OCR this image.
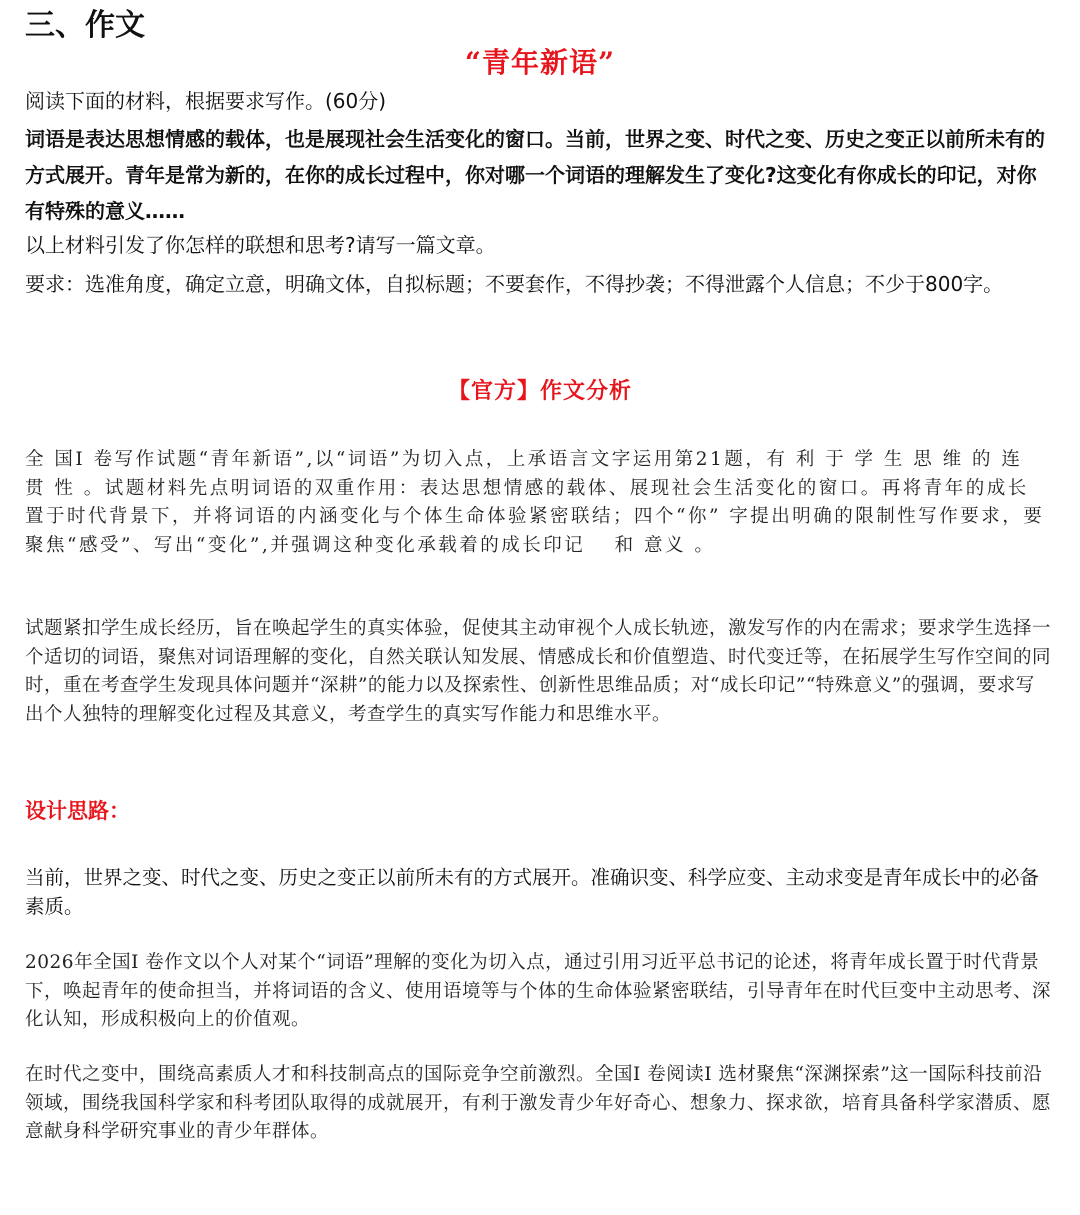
三、作文
“青年新语”

阅读下面的材料，根据要求写作。(60分)

词语是表达思想情感的载体，也是展现社会生活变化的窗口。当前，世界之变、时代之变、历史之变正以前所未有的方式展开。青年是常为新的，在你的成长过程中，你对哪一个词语的理解发生了变化?这变化有你成长的印记，对你有特殊的意义……

以上材料引发了你怎样的联想和思考?请写一篇文章。

要求：选准角度，确定立意，明确文体，自拟标题；不要套作，不得抄袭；不得泄露个人信息；不少于800字。

【官方】作文分析

全 国I 卷写作试题“青年新语”,以“词语”为切入点，上承语言文字运用第21题，有 利 于 学 生 思 维 的 连 贯 性 。试题材料先点明词语的双重作用：表达思想情感的载体、展现社会生活变化的窗口。再将青年的成长置于时代背景下，并将词语的内涵变化与个体生命体验紧密联结；四个“你” 字提出明确的限制性写作要求，要聚焦“感受”、写出“变化”,并强调这种变化承载着的成长印记　 和 意义 。

试题紧扣学生成长经历，旨在唤起学生的真实体验，促使其主动审视个人成长轨迹，激发写作的内在需求；要求学生选择一个适切的词语，聚焦对词语理解的变化，自然关联认知发展、情感成长和价值塑造、时代变迁等，在拓展学生写作空间的同时，重在考查学生发现具体问题并“深耕”的能力以及探索性、创新性思维品质；对“成长印记”“特殊意义”的强调，要求写出个人独特的理解变化过程及其意义，考查学生的真实写作能力和思维水平。

设计思路：

当前，世界之变、时代之变、历史之变正以前所未有的方式展开。准确识变、科学应变、主动求变是青年成长中的必备素质。

2026年全国I 卷作文以个人对某个“词语”理解的变化为切入点，通过引用习近平总书记的论述，将青年成长置于时代背景下，唤起青年的使命担当，并将词语的含义、使用语境等与个体的生命体验紧密联结，引导青年在时代巨变中主动思考、深化认知，形成积极向上的价值观。

在时代之变中，围绕高素质人才和科技制高点的国际竞争空前激烈。全国I 卷阅读I 选材聚焦“深渊探索”这一国际科技前沿领域，围绕我国科学家和科考团队取得的成就展开，有利于激发青少年好奇心、想象力、探求欲，培育具备科学家潜质、愿意献身科学研究事业的青少年群体。
